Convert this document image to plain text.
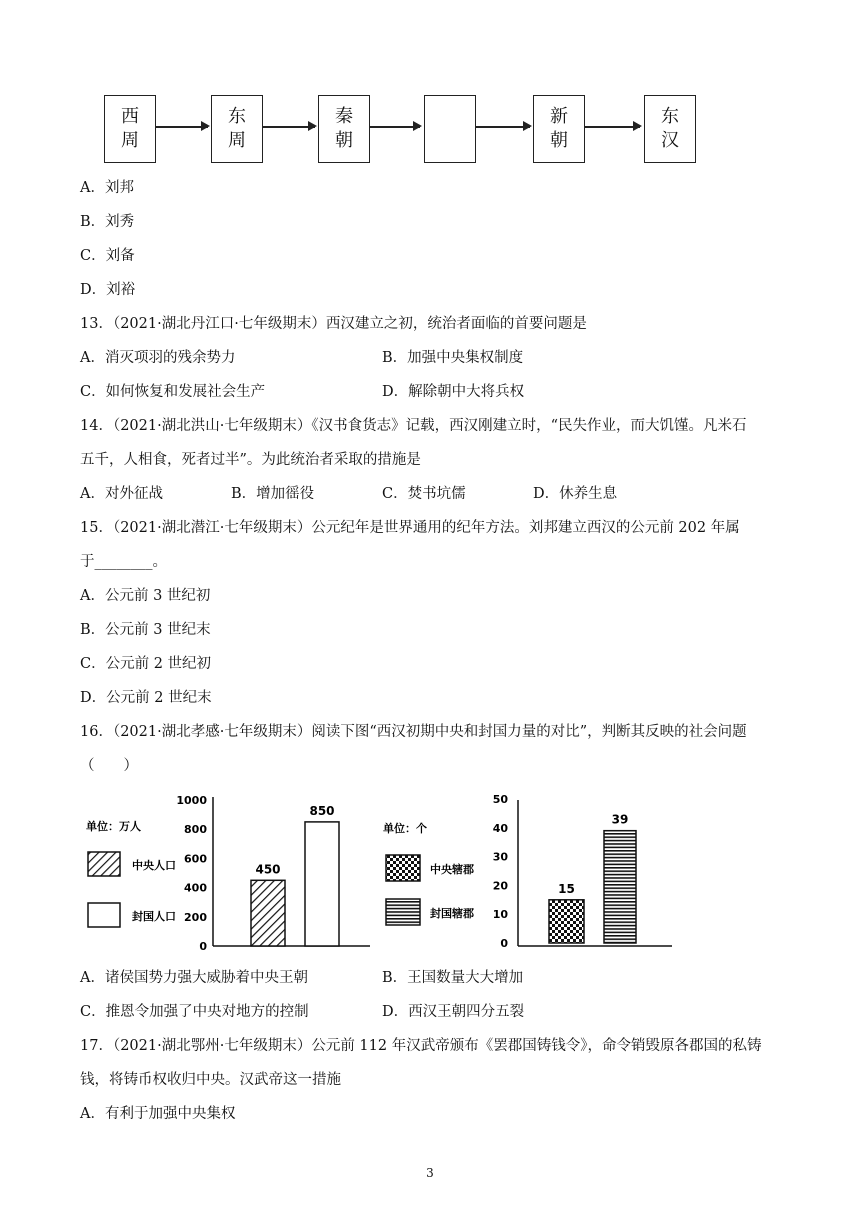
西
周
东
周
秦
朝
新
朝
东
汉
A．刘邦
B．刘秀
C．刘备
D．刘裕
13．（2021·湖北丹江口·七年级期末）西汉建立之初，统治者面临的首要问题是
A．消灭项羽的残余势力	B．加强中央集权制度
C．如何恢复和发展社会生产	D．解除朝中大将兵权
14．（2021·湖北洪山·七年级期末）《汉书食货志》记载，西汉刚建立时，“民失作业，而大饥馑。凡米石
五千，人相食，死者过半”。为此统治者采取的措施是
A．对外征战	B．增加徭役	C．焚书坑儒	D．休养生息
15．（2021·湖北潜江·七年级期末）公元纪年是世界通用的纪年方法。刘邦建立西汉的公元前 202 年属
于________。
A．公元前 3 世纪初
B．公元前 3 世纪末
C．公元前 2 世纪初
D．公元前 2 世纪末
16．（2021·湖北孝感·七年级期末）阅读下图“西汉初期中央和封国力量的对比”，判断其反映的社会问题
（　　）
单位：万人
中央人口
封国人口
0
200
400
600
800
1000
450
850
单位：个
中央辖郡
封国辖郡
0
10
20
30
40
50
15
39
A．诸侯国势力强大威胁着中央王朝	B．王国数量大大增加
C．推恩令加强了中央对地方的控制	D．西汉王朝四分五裂
17．（2021·湖北鄂州·七年级期末）公元前 112 年汉武帝颁布《罢郡国铸钱令》，命令销毁原各郡国的私铸
钱，将铸币权收归中央。汉武帝这一措施
A．有利于加强中央集权
3
